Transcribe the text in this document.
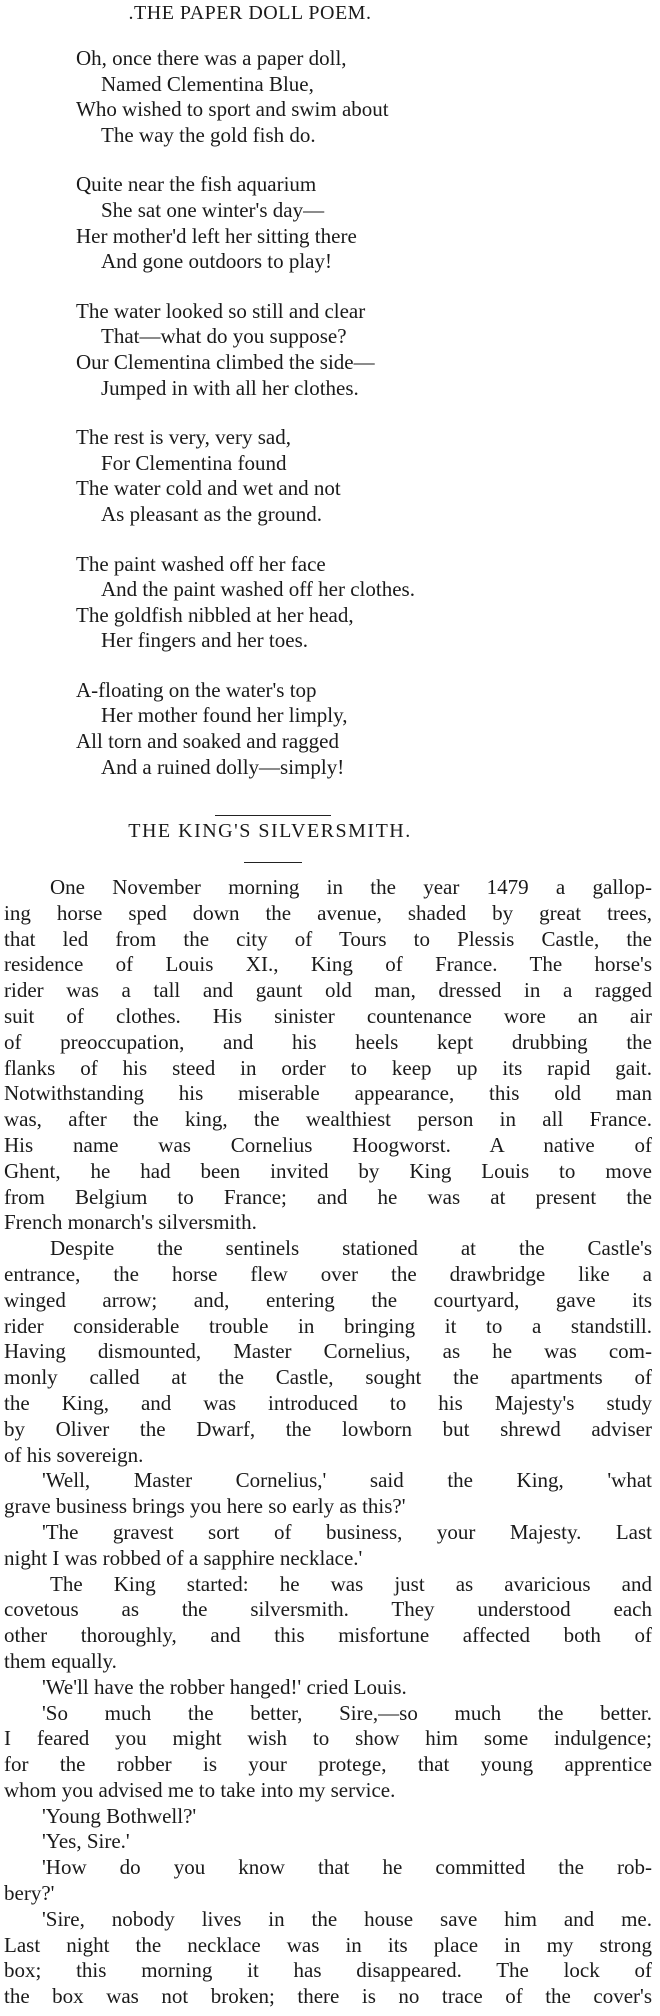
.THE PAPER DOLL POEM.
Oh, once there was a paper doll,
Named Clementina Blue,
Who wished to sport and swim about
The way the gold fish do.
Quite near the fish aquarium
She sat one winter's day—
Her mother'd left her sitting there
And gone outdoors to play!
The water looked so still and clear
That—what do you suppose?
Our Clementina climbed the side—
Jumped in with all her clothes.
The rest is very, very sad,
For Clementina found
The water cold and wet and not
As pleasant as the ground.
The paint washed off her face
And the paint washed off her clothes.
The goldfish nibbled at her head,
Her fingers and her toes.
A-floating on the water's top
Her mother found her limply,
All torn and soaked and ragged
And a ruined dolly—simply!
THE KING'S SILVERSMITH.
One November morning in the year 1479 a gallop-
ing horse sped down the avenue, shaded by great trees,
that led from the city of Tours to Plessis Castle, the
residence of Louis XI., King of France. The horse's
rider was a tall and gaunt old man, dressed in a ragged
suit of clothes. His sinister countenance wore an air
of preoccupation, and his heels kept drubbing the
flanks of his steed in order to keep up its rapid gait.
Notwithstanding his miserable appearance, this old man
was, after the king, the wealthiest person in all France.
His name was Cornelius Hoogworst. A native of
Ghent, he had been invited by King Louis to move
from Belgium to France; and he was at present the
French monarch's silversmith.
Despite the sentinels stationed at the Castle's
entrance, the horse flew over the drawbridge like a
winged arrow; and, entering the courtyard, gave its
rider considerable trouble in bringing it to a standstill.
Having dismounted, Master Cornelius, as he was com-
monly called at the Castle, sought the apartments of
the King, and was introduced to his Majesty's study
by Oliver the Dwarf, the lowborn but shrewd adviser
of his sovereign.
'Well, Master Cornelius,' said the King, 'what
grave business brings you here so early as this?'
'The gravest sort of business, your Majesty. Last
night I was robbed of a sapphire necklace.'
The King started: he was just as avaricious and
covetous as the silversmith. They understood each
other thoroughly, and this misfortune affected both of
them equally.
'We'll have the robber hanged!' cried Louis.
'So much the better, Sire,—so much the better.
I feared you might wish to show him some indulgence;
for the robber is your protege, that young apprentice
whom you advised me to take into my service.
'Young Bothwell?'
'Yes, Sire.'
'How do you know that he committed the rob-
bery?'
'Sire, nobody lives in the house save him and me.
Last night the necklace was in its place in my strong
box; this morning it has disappeared. The lock of
the box was not broken; there is no trace of the cover's
